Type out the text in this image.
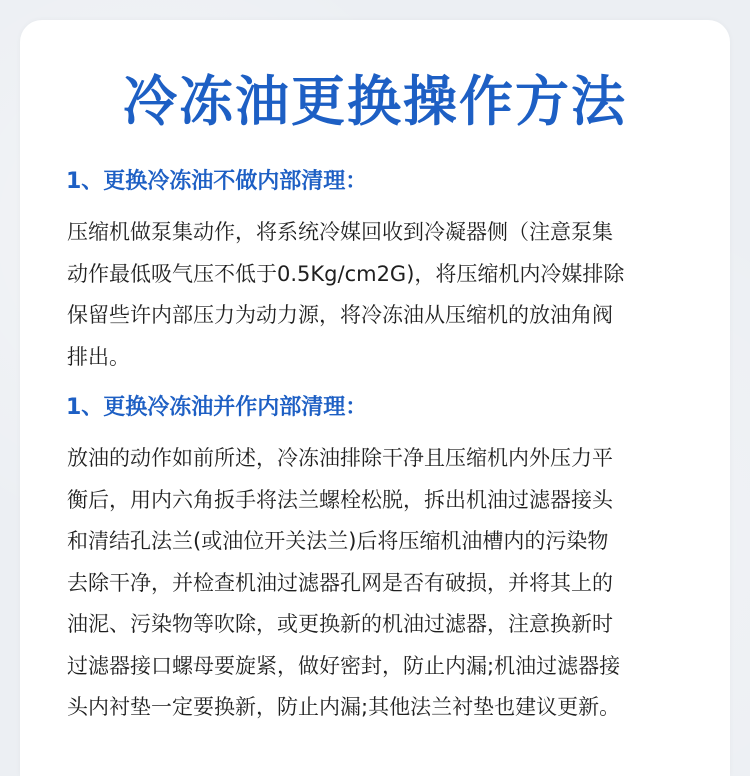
冷冻油更换操作方法
1、更换冷冻油不做内部清理：

压缩机做泵集动作，将系统冷媒回收到冷凝器侧（注意泵集
动作最低吸气压不低于0.5Kg/cm2G)，将压缩机内冷媒排除
保留些许内部压力为动力源，将冷冻油从压缩机的放油角阀
排出。

1、更换冷冻油并作内部清理：

放油的动作如前所述，冷冻油排除干净且压缩机内外压力平
衡后，用内六角扳手将法兰螺栓松脱，拆出机油过滤器接头
和清结孔法兰(或油位开关法兰)后将压缩机油槽内的污染物
去除干净，并检查机油过滤器孔网是否有破损，并将其上的
油泥、污染物等吹除，或更换新的机油过滤器，注意换新时
过滤器接口螺母要旋紧，做好密封，防止内漏;机油过滤器接
头内衬垫一定要换新，防止内漏;其他法兰衬垫也建议更新。
